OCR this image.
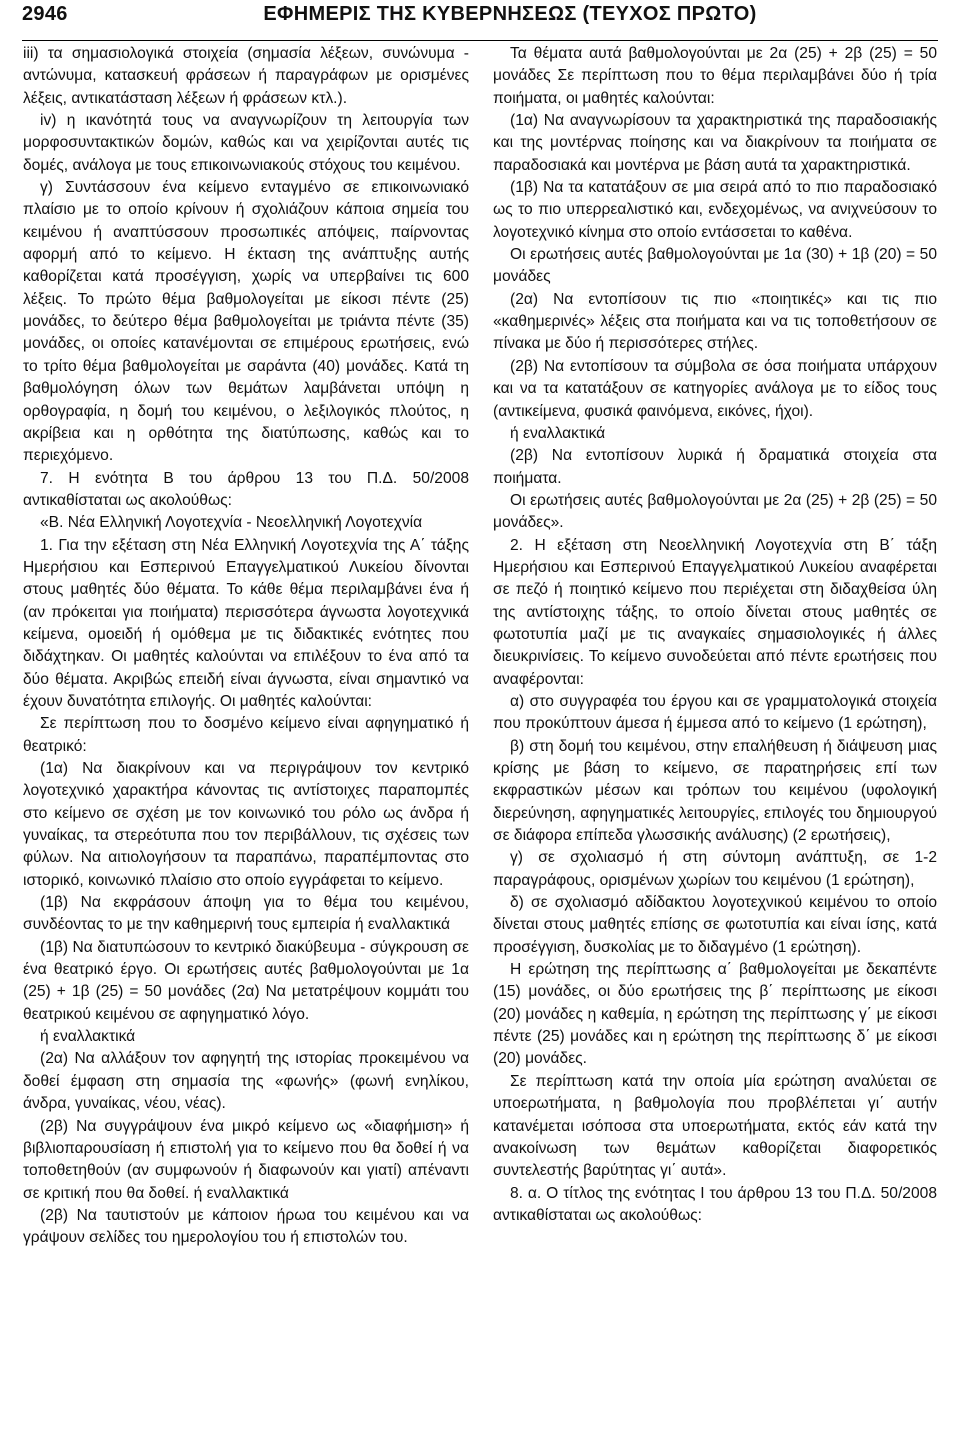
2946	ΕΦΗΜΕΡΙΣ ΤΗΣ ΚΥΒΕΡΝΗΣΕΩΣ (ΤΕΥΧΟΣ ΠΡΩΤΟ)

iii) τα σημασιολογικά στοιχεία (σημασία λέξεων, συνώνυμα - αντώνυμα, κατασκευή φράσεων ή παραγράφων με ορισμένες λέξεις, αντικατάσταση λέξεων ή φράσεων κτλ.).

iv) η ικανότητά τους να αναγνωρίζουν τη λειτουργία των μορφοσυντακτικών δομών, καθώς και να χειρίζονται αυτές τις δομές, ανάλογα με τους επικοινωνιακούς στόχους του κειμένου.

γ) Συντάσσουν ένα κείμενο ενταγμένο σε επικοινωνιακό πλαίσιο με το οποίο κρίνουν ή σχολιάζουν κάποια σημεία του κειμένου ή αναπτύσσουν προσωπικές απόψεις, παίρνοντας αφορμή από το κείμενο. Η έκταση της ανάπτυξης αυτής καθορίζεται κατά προσέγγιση, χωρίς να υπερβαίνει τις 600 λέξεις. Το πρώτο θέμα βαθμολογείται με είκοσι πέντε (25) μονάδες, το δεύτερο θέμα βαθμολογείται με τριάντα πέντε (35) μονάδες, οι οποίες κατανέμονται σε επιμέρους ερωτήσεις, ενώ το τρίτο θέμα βαθμολογείται με σαράντα (40) μονάδες. Κατά τη βαθμολόγηση όλων των θεμάτων λαμβάνεται υπόψη η ορθογραφία, η δομή του κειμένου, ο λεξιλογικός πλούτος, η ακρίβεια και η ορθότητα της διατύπωσης, καθώς και το περιεχόμενο.

7. Η ενότητα Β του άρθρου 13 του Π.Δ. 50/2008 αντικαθίσταται ως ακολούθως:

«Β. Νέα Ελληνική Λογοτεχνία - Νεοελληνική Λογοτεχνία

1. Για την εξέταση στη Νέα Ελληνική Λογοτεχνία της Α΄ τάξης Ημερήσιου και Εσπερινού Επαγγελματικού Λυκείου δίνονται στους μαθητές δύο θέματα. Το κάθε θέμα περιλαμβάνει ένα ή (αν πρόκειται για ποιήματα) περισσότερα άγνωστα λογοτεχνικά κείμενα, ομοειδή ή ομόθεμα με τις διδακτικές ενότητες που διδάχτηκαν. Οι μαθητές καλούνται να επιλέξουν το ένα από τα δύο θέματα. Ακριβώς επειδή είναι άγνωστα, είναι σημαντικό να έχουν δυνατότητα επιλογής. Οι μαθητές καλούνται:

Σε περίπτωση που το δοσμένο κείμενο είναι αφηγηματικό ή θεατρικό:

(1α) Να διακρίνουν και να περιγράψουν τον κεντρικό λογοτεχνικό χαρακτήρα κάνοντας τις αντίστοιχες παραπομπές στο κείμενο σε σχέση με τον κοινωνικό του ρόλο ως άνδρα ή γυναίκας, τα στερεότυπα που τον περιβάλλουν, τις σχέσεις των φύλων. Να αιτιολογήσουν τα παραπάνω, παραπέμποντας στο ιστορικό, κοινωνικό πλαίσιο στο οποίο εγγράφεται το κείμενο.

(1β) Να εκφράσουν άποψη για το θέμα του κειμένου, συνδέοντας το με την καθημερινή τους εμπειρία ή εναλλακτικά

(1β) Να διατυπώσουν το κεντρικό διακύβευμα - σύγκρουση σε ένα θεατρικό έργο. Οι ερωτήσεις αυτές βαθμολογούνται με 1α (25) + 1β (25) = 50 μονάδες (2α) Να μετατρέψουν κομμάτι του θεατρικού κειμένου σε αφηγηματικό λόγο.

ή εναλλακτικά

(2α) Να αλλάξουν τον αφηγητή της ιστορίας προκειμένου να δοθεί έμφαση στη σημασία της «φωνής» (φωνή ενηλίκου, άνδρα, γυναίκας, νέου, νέας).

(2β) Να συγγράψουν ένα μικρό κείμενο ως «διαφήμιση» ή βιβλιοπαρουσίαση ή επιστολή για το κείμενο που θα δοθεί ή να τοποθετηθούν (αν συμφωνούν ή διαφωνούν και γιατί) απέναντι σε κριτική που θα δοθεί. ή εναλλακτικά

(2β) Να ταυτιστούν με κάποιον ήρωα του κειμένου και να γράψουν σελίδες του ημερολογίου του ή επιστολών του.

Τα θέματα αυτά βαθμολογούνται με 2α (25) + 2β (25) = 50 μονάδες Σε περίπτωση που το θέμα περιλαμβάνει δύο ή τρία ποιήματα, οι μαθητές καλούνται:

(1α) Να αναγνωρίσουν τα χαρακτηριστικά της παραδοσιακής και της μοντέρνας ποίησης και να διακρίνουν τα ποιήματα σε παραδοσιακά και μοντέρνα με βάση αυτά τα χαρακτηριστικά.

(1β) Να τα κατατάξουν σε μια σειρά από το πιο παραδοσιακό ως το πιο υπερρεαλιστικό και, ενδεχομένως, να ανιχνεύσουν το λογοτεχνικό κίνημα στο οποίο εντάσσεται το καθένα.

Οι ερωτήσεις αυτές βαθμολογούνται με 1α (30) + 1β (20) = 50 μονάδες

(2α) Να εντοπίσουν τις πιο «ποιητικές» και τις πιο «καθημερινές» λέξεις στα ποιήματα και να τις τοποθετήσουν σε πίνακα με δύο ή περισσότερες στήλες.

(2β) Να εντοπίσουν τα σύμβολα σε όσα ποιήματα υπάρχουν και να τα κατατάξουν σε κατηγορίες ανάλογα με το είδος τους (αντικείμενα, φυσικά φαινόμενα, εικόνες, ήχοι).

ή εναλλακτικά

(2β) Να εντοπίσουν λυρικά ή δραματικά στοιχεία στα ποιήματα.

Οι ερωτήσεις αυτές βαθμολογούνται με 2α (25) + 2β (25) = 50 μονάδες».

2. Η εξέταση στη Νεοελληνική Λογοτεχνία στη Β΄ τάξη Ημερήσιου και Εσπερινού Επαγγελματικού Λυκείου αναφέρεται σε πεζό ή ποιητικό κείμενο που περιέχεται στη διδαχθείσα ύλη της αντίστοιχης τάξης, το οποίο δίνεται στους μαθητές σε φωτοτυπία μαζί με τις αναγκαίες σημασιολογικές ή άλλες διευκρινίσεις. Το κείμενο συνοδεύεται από πέντε ερωτήσεις που αναφέρονται:

α) στο συγγραφέα του έργου και σε γραμματολογικά στοιχεία που προκύπτουν άμεσα ή έμμεσα από το κείμενο (1 ερώτηση),

β) στη δομή του κειμένου, στην επαλήθευση ή διάψευση μιας κρίσης με βάση το κείμενο, σε παρατηρήσεις επί των εκφραστικών μέσων και τρόπων του κειμένου (υφολογική διερεύνηση, αφηγηματικές λειτουργίες, επιλογές του δημιουργού σε διάφορα επίπεδα γλωσσικής ανάλυσης) (2 ερωτήσεις),

γ) σε σχολιασμό ή στη σύντομη ανάπτυξη, σε 1-2 παραγράφους, ορισμένων χωρίων του κειμένου (1 ερώτηση),

δ) σε σχολιασμό αδίδακτου λογοτεχνικού κειμένου το οποίο δίνεται στους μαθητές επίσης σε φωτοτυπία και είναι ίσης, κατά προσέγγιση, δυσκολίας με το διδαγμένο (1 ερώτηση).

Η ερώτηση της περίπτωσης α΄ βαθμολογείται με δεκαπέντε (15) μονάδες, οι δύο ερωτήσεις της β΄ περίπτωσης με είκοσι (20) μονάδες η καθεμία, η ερώτηση της περίπτωσης γ΄ με είκοσι πέντε (25) μονάδες και η ερώτηση της περίπτωσης δ΄ με είκοσι (20) μονάδες.

Σε περίπτωση κατά την οποία μία ερώτηση αναλύεται σε υποερωτήματα, η βαθμολογία που προβλέπεται γι΄ αυτήν κατανέμεται ισόποσα στα υποερωτήματα, εκτός εάν κατά την ανακοίνωση των θεμάτων καθορίζεται διαφορετικός συντελεστής βαρύτητας γι΄ αυτά».

8. α. Ο τίτλος της ενότητας Ι του άρθρου 13 του Π.Δ. 50/2008 αντικαθίσταται ως ακολούθως:
